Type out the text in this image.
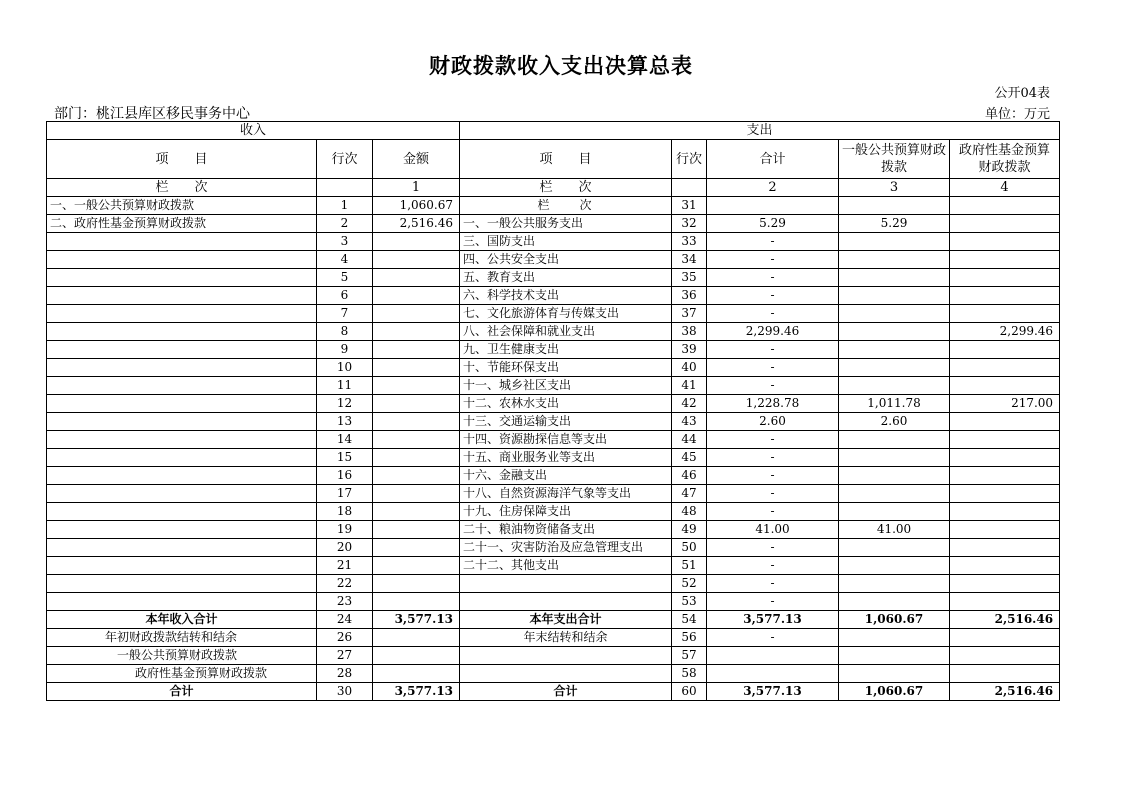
财政拨款收入支出决算总表
公开04表
部门：桃江县库区移民事务中心	单位：万元
收入			支出				
项　　目	行次	金额	项　　目	行次	合计	一般公共预算财政拨款	政府性基金预算财政拨款
栏　　次		1	栏　　次		2	3	4
一、一般公共预算财政拨款	1	1,060.67	栏　　次	31			
二、政府性基金预算财政拨款	2	2,516.46	一、一般公共服务支出	32	5.29	5.29	
	3		三、国防支出	33	-		
	4		四、公共安全支出	34	-		
	5		五、教育支出	35	-		
	6		六、科学技术支出	36	-		
	7		七、文化旅游体育与传媒支出	37	-		
	8		八、社会保障和就业支出	38	2,299.46		2,299.46
	9		九、卫生健康支出	39	-		
	10		十、节能环保支出	40	-		
	11		十一、城乡社区支出	41	-		
	12		十二、农林水支出	42	1,228.78	1,011.78	217.00
	13		十三、交通运输支出	43	2.60	2.60	
	14		十四、资源勘探信息等支出	44	-		
	15		十五、商业服务业等支出	45	-		
	16		十六、金融支出	46	-		
	17		十八、自然资源海洋气象等支出	47	-		
	18		十九、住房保障支出	48	-		
	19		二十、粮油物资储备支出	49	41.00	41.00	
	20		二十一、灾害防治及应急管理支出	50	-		
	21		二十二、其他支出	51	-		
	22			52	-		
	23			53	-		
本年收入合计	24	3,577.13	本年支出合计	54	3,577.13	1,060.67	2,516.46
年初财政拨款结转和结余	26		年末结转和结余	56	-		
一般公共预算财政拨款	27			57			
政府性基金预算财政拨款	28			58			
合计	30	3,577.13	合计	60	3,577.13	1,060.67	2,516.46
